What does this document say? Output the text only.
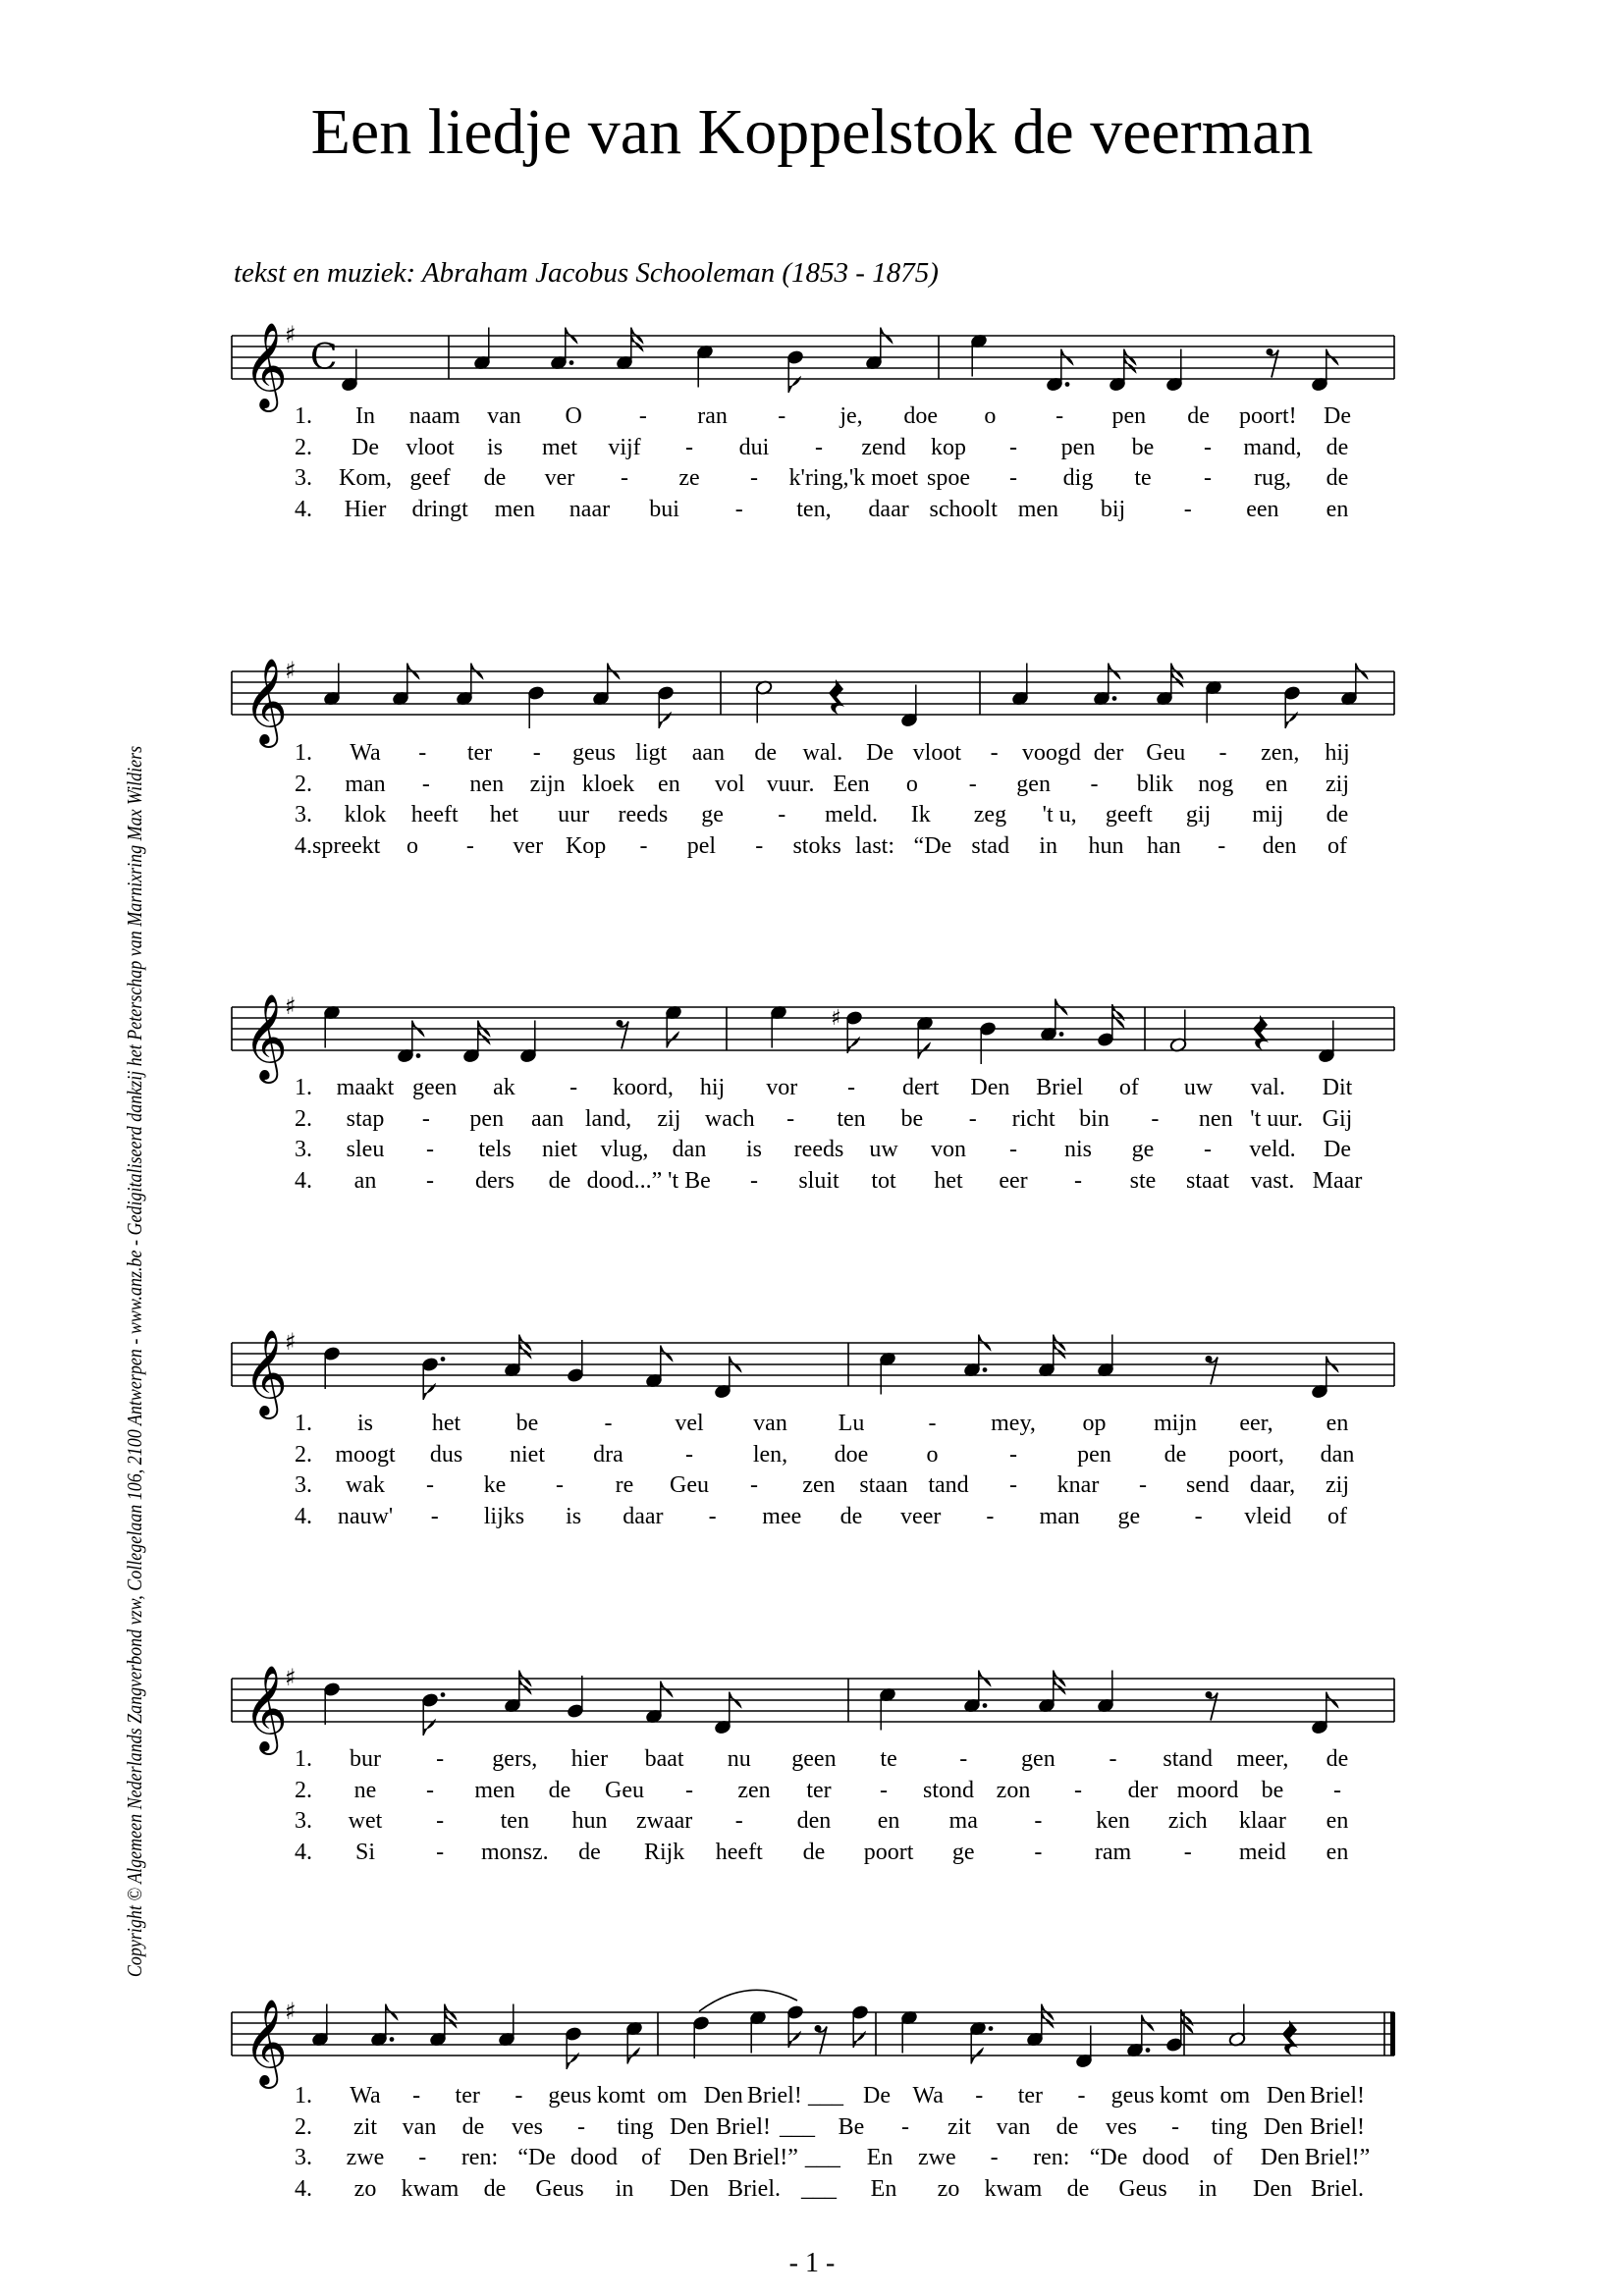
Een liedje van Koppelstok de veerman
tekst en muziek: Abraham Jacobus Schooleman (1853 - 1875)
Copyright © Algemeen Nederlands Zangverbond vzw, Collegelaan 106, 2100 Antwerpen - www.anz.be - Gedigitaliseerd dankzij het Peterschap van Marnixring Max Wildiers
- 1 -
𝄞
♯
C
𝄞
♯
𝄞
♯	♯
𝄞
♯
𝄞
♯
𝄞
♯
1. In naam van O - ran - je, doe o	- pen de poort! De
2. De vloot is met vijf - dui - zend kop - pen be - mand, de
3. Kom, geef de ver - ze - k'ring, 'k moet spoe - dig te - rug, de
4. Hier dringt men naar bui - ten, daar schoolt men bij - een en
1. Wa - ter - geus ligt aan de wal. De vloot - voogd der Geu - zen, hij
2. man - nen zijn kloek en vol vuur. Een o - gen - blik nog en zij
3. klok heeft het uur reeds ge - meld. Ik zeg 't u, geeft gij mij de
4.spreekt o - ver Kop - pel - stoks last: “De stad in hun han - den of
1. maakt geen ak - koord, hij vor - dert Den Briel of uw val. Dit
2. stap - pen aan land, zij wach - ten be - richt bin - nen 't uur. Gij
3. sleu - tels niet vlug, dan is reeds uw von - nis ge - veld. De
4. an - ders de dood...” 't Be - sluit tot het eer - ste staat vast. Maar
1. is het be	-	vel van Lu	- mey, op mijn eer, en
2. moogt dus niet dra	-	len, doe o	-	pen de poort, dan
3. wak - ke - re Geu - zen staan tand - knar - send daar, zij
4. nauw' - lijks is daar - mee de veer - man ge - vleid of
1. bur - gers, hier baat nu geen te	- gen - stand meer, de
2. ne - men de Geu - zen ter - stond zon - der moord be -
3. wet - ten hun zwaar - den en ma - ken zich klaar en
4. Si	- monsz. de Rijk heeft de poort ge	- ram - meid en
1. Wa - ter - geus komt om Den Briel! ___ De Wa - ter - geus komt om Den Briel!
2. zit van de ves - ting Den Briel! ___ Be - zit van de ves - ting Den Briel!
3. zwe - ren: “De dood of Den Briel!” ___ En zwe - ren: “De dood of Den Briel!”
4. zo kwam de Geus in Den Briel. ___ En zo kwam de Geus in Den Briel.
